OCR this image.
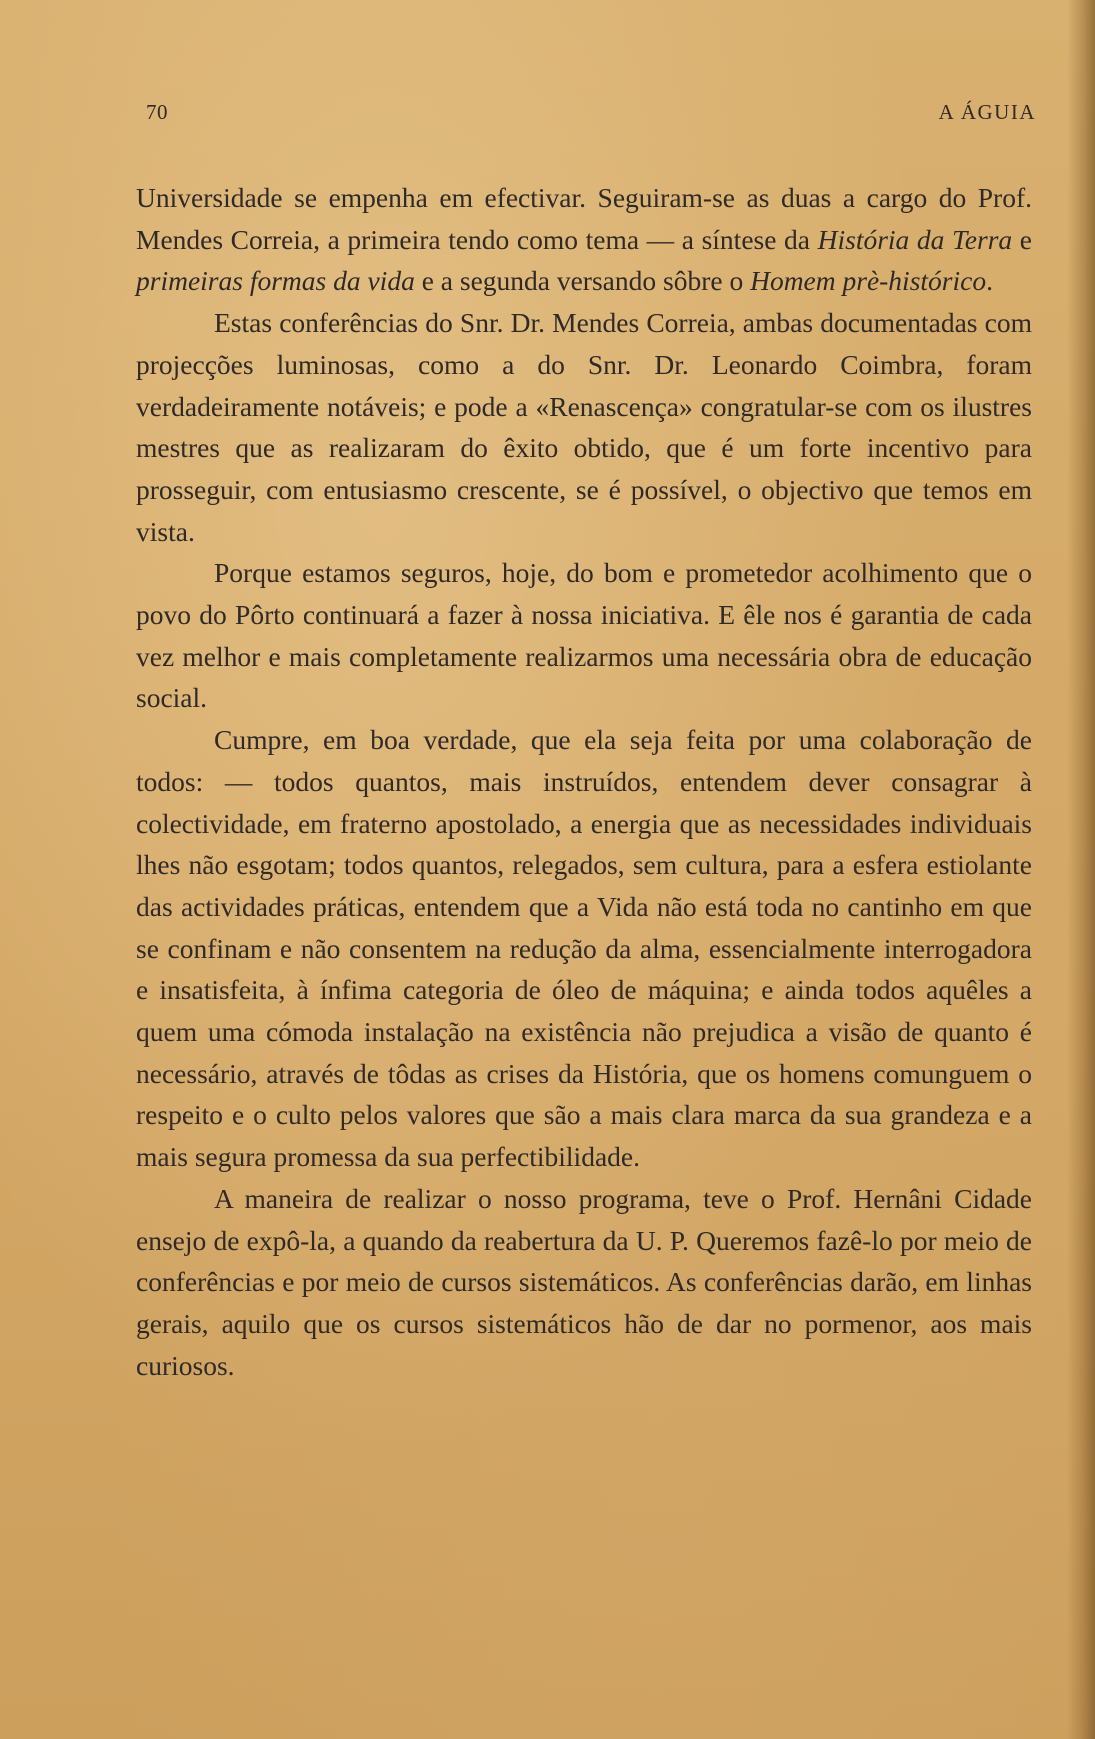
70	A ÁGUIA

Universidade se empenha em efectivar. Seguiram-se as duas a cargo do Prof. Mendes Correia, a primeira tendo como tema — a síntese da História da Terra e primeiras formas da vida e a segunda versando sôbre o Homem prè-histórico.

Estas conferências do Snr. Dr. Mendes Correia, ambas documentadas com projecções luminosas, como a do Snr. Dr. Leonardo Coimbra, foram verdadeiramente notáveis; e pode a «Renascença» congratular-se com os ilustres mestres que as realizaram do êxito obtido, que é um forte incentivo para prosseguir, com entusiasmo crescente, se é possível, o objectivo que temos em vista.

Porque estamos seguros, hoje, do bom e prometedor acolhimento que o povo do Pôrto continuará a fazer à nossa iniciativa. E êle nos é garantia de cada vez melhor e mais completamente realizarmos uma necessária obra de educação social.

Cumpre, em boa verdade, que ela seja feita por uma colaboração de todos: — todos quantos, mais instruídos, entendem dever consagrar à colectividade, em fraterno apostolado, a energia que as necessidades individuais lhes não esgotam; todos quantos, relegados, sem cultura, para a esfera estiolante das actividades práticas, entendem que a Vida não está toda no cantinho em que se confinam e não consentem na redução da alma, essencialmente interrogadora e insatisfeita, à ínfima categoria de óleo de máquina; e ainda todos aquêles a quem uma cómoda instalação na existência não prejudica a visão de quanto é necessário, através de tôdas as crises da História, que os homens comunguem o respeito e o culto pelos valores que são a mais clara marca da sua grandeza e a mais segura promessa da sua perfectibilidade.

A maneira de realizar o nosso programa, teve o Prof. Hernâni Cidade ensejo de expô-la, a quando da reabertura da U. P. Queremos fazê-lo por meio de conferências e por meio de cursos sistemáticos. As conferências darão, em linhas gerais, aquilo que os cursos sistemáticos hão de dar no pormenor, aos mais curiosos.
